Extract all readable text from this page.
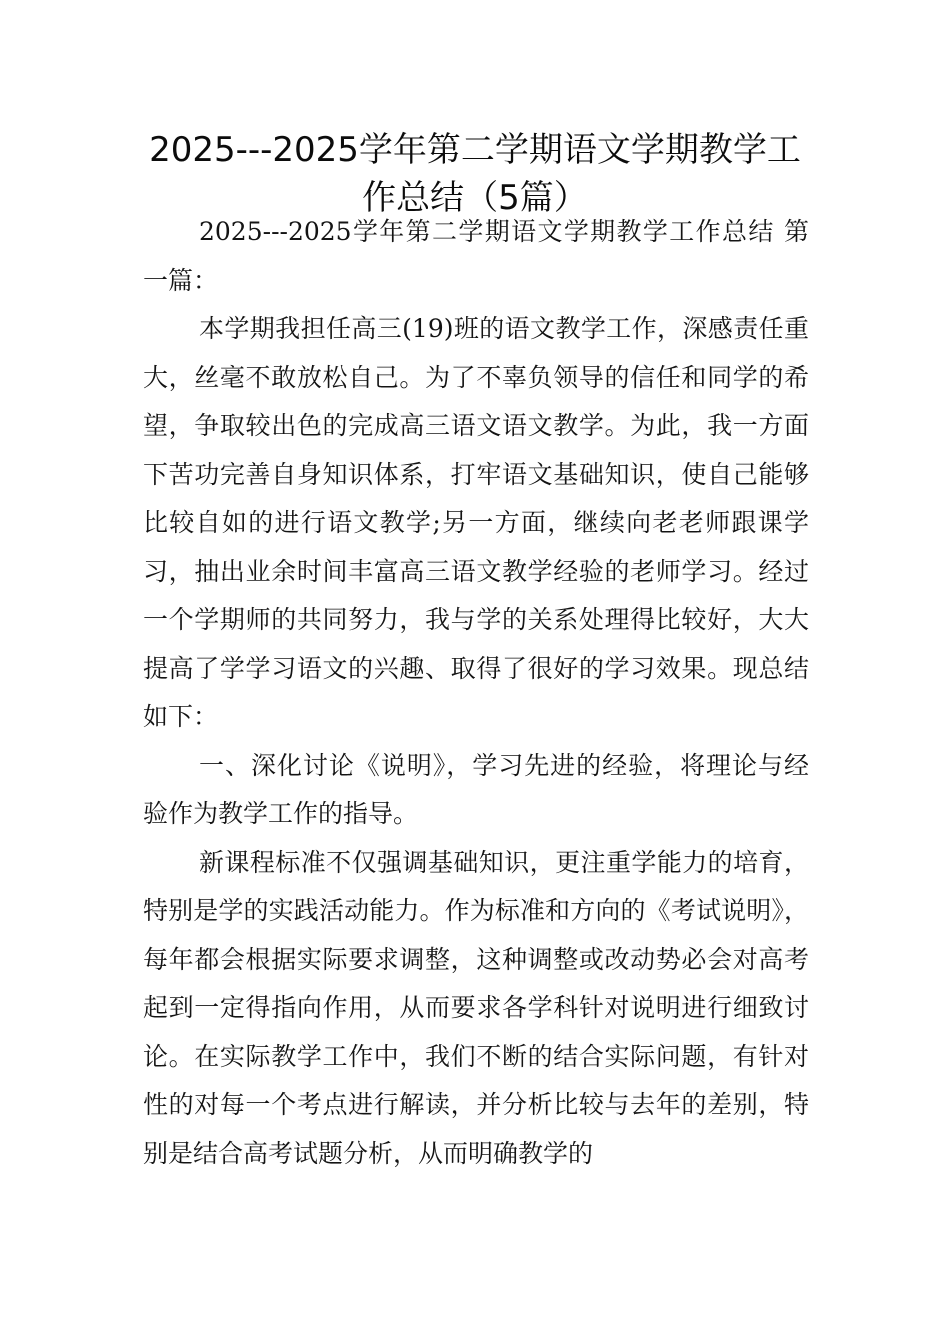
2025---2025学年第二学期语文学期教学工
作总结（5篇）

2025---2025学年第二学期语文学期教学工作总结 第一篇：

本学期我担任高三(19)班的语文教学工作，深感责任重大，丝毫不敢放松自己。为了不辜负领导的信任和同学的希望，争取较出色的完成高三语文语文教学。为此，我一方面下苦功完善自身知识体系，打牢语文基础知识，使自己能够比较自如的进行语文教学;另一方面，继续向老老师跟课学习，抽出业余时间丰富高三语文教学经验的老师学习。经过一个学期师的共同努力，我与学的关系处理得比较好，大大提高了学学习语文的兴趣、取得了很好的学习效果。现总结如下：

一、深化讨论《说明》，学习先进的经验，将理论与经验作为教学工作的指导。

新课程标准不仅强调基础知识，更注重学能力的培育，特别是学的实践活动能力。作为标准和方向的《考试说明》，每年都会根据实际要求调整，这种调整或改动势必会对高考起到一定得指向作用，从而要求各学科针对说明进行细致讨论。在实际教学工作中，我们不断的结合实际问题，有针对性的对每一个考点进行解读，并分析比较与去年的差别，特别是结合高考试题分析，从而明确教学的
